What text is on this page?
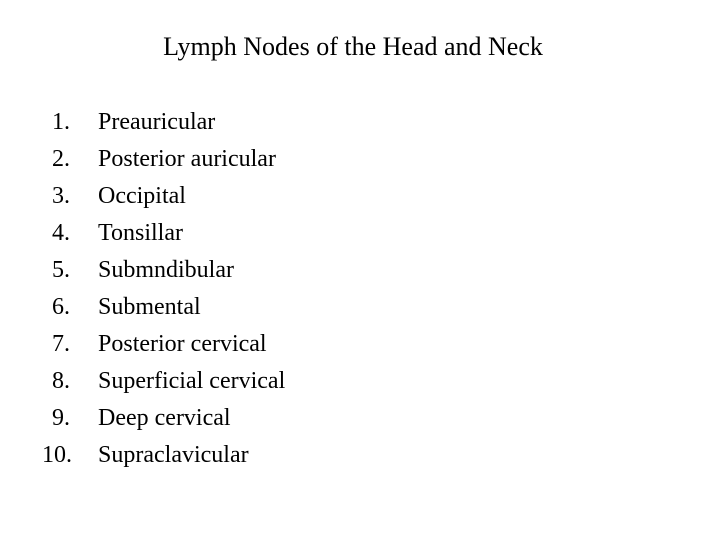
Lymph Nodes of the Head and Neck
1.	Preauricular
2.	Posterior auricular
3.	Occipital
4.	Tonsillar
5.	Submndibular
6.	Submental
7.	Posterior cervical
8.	Superficial cervical
9.	Deep cervical
10.	Supraclavicular
